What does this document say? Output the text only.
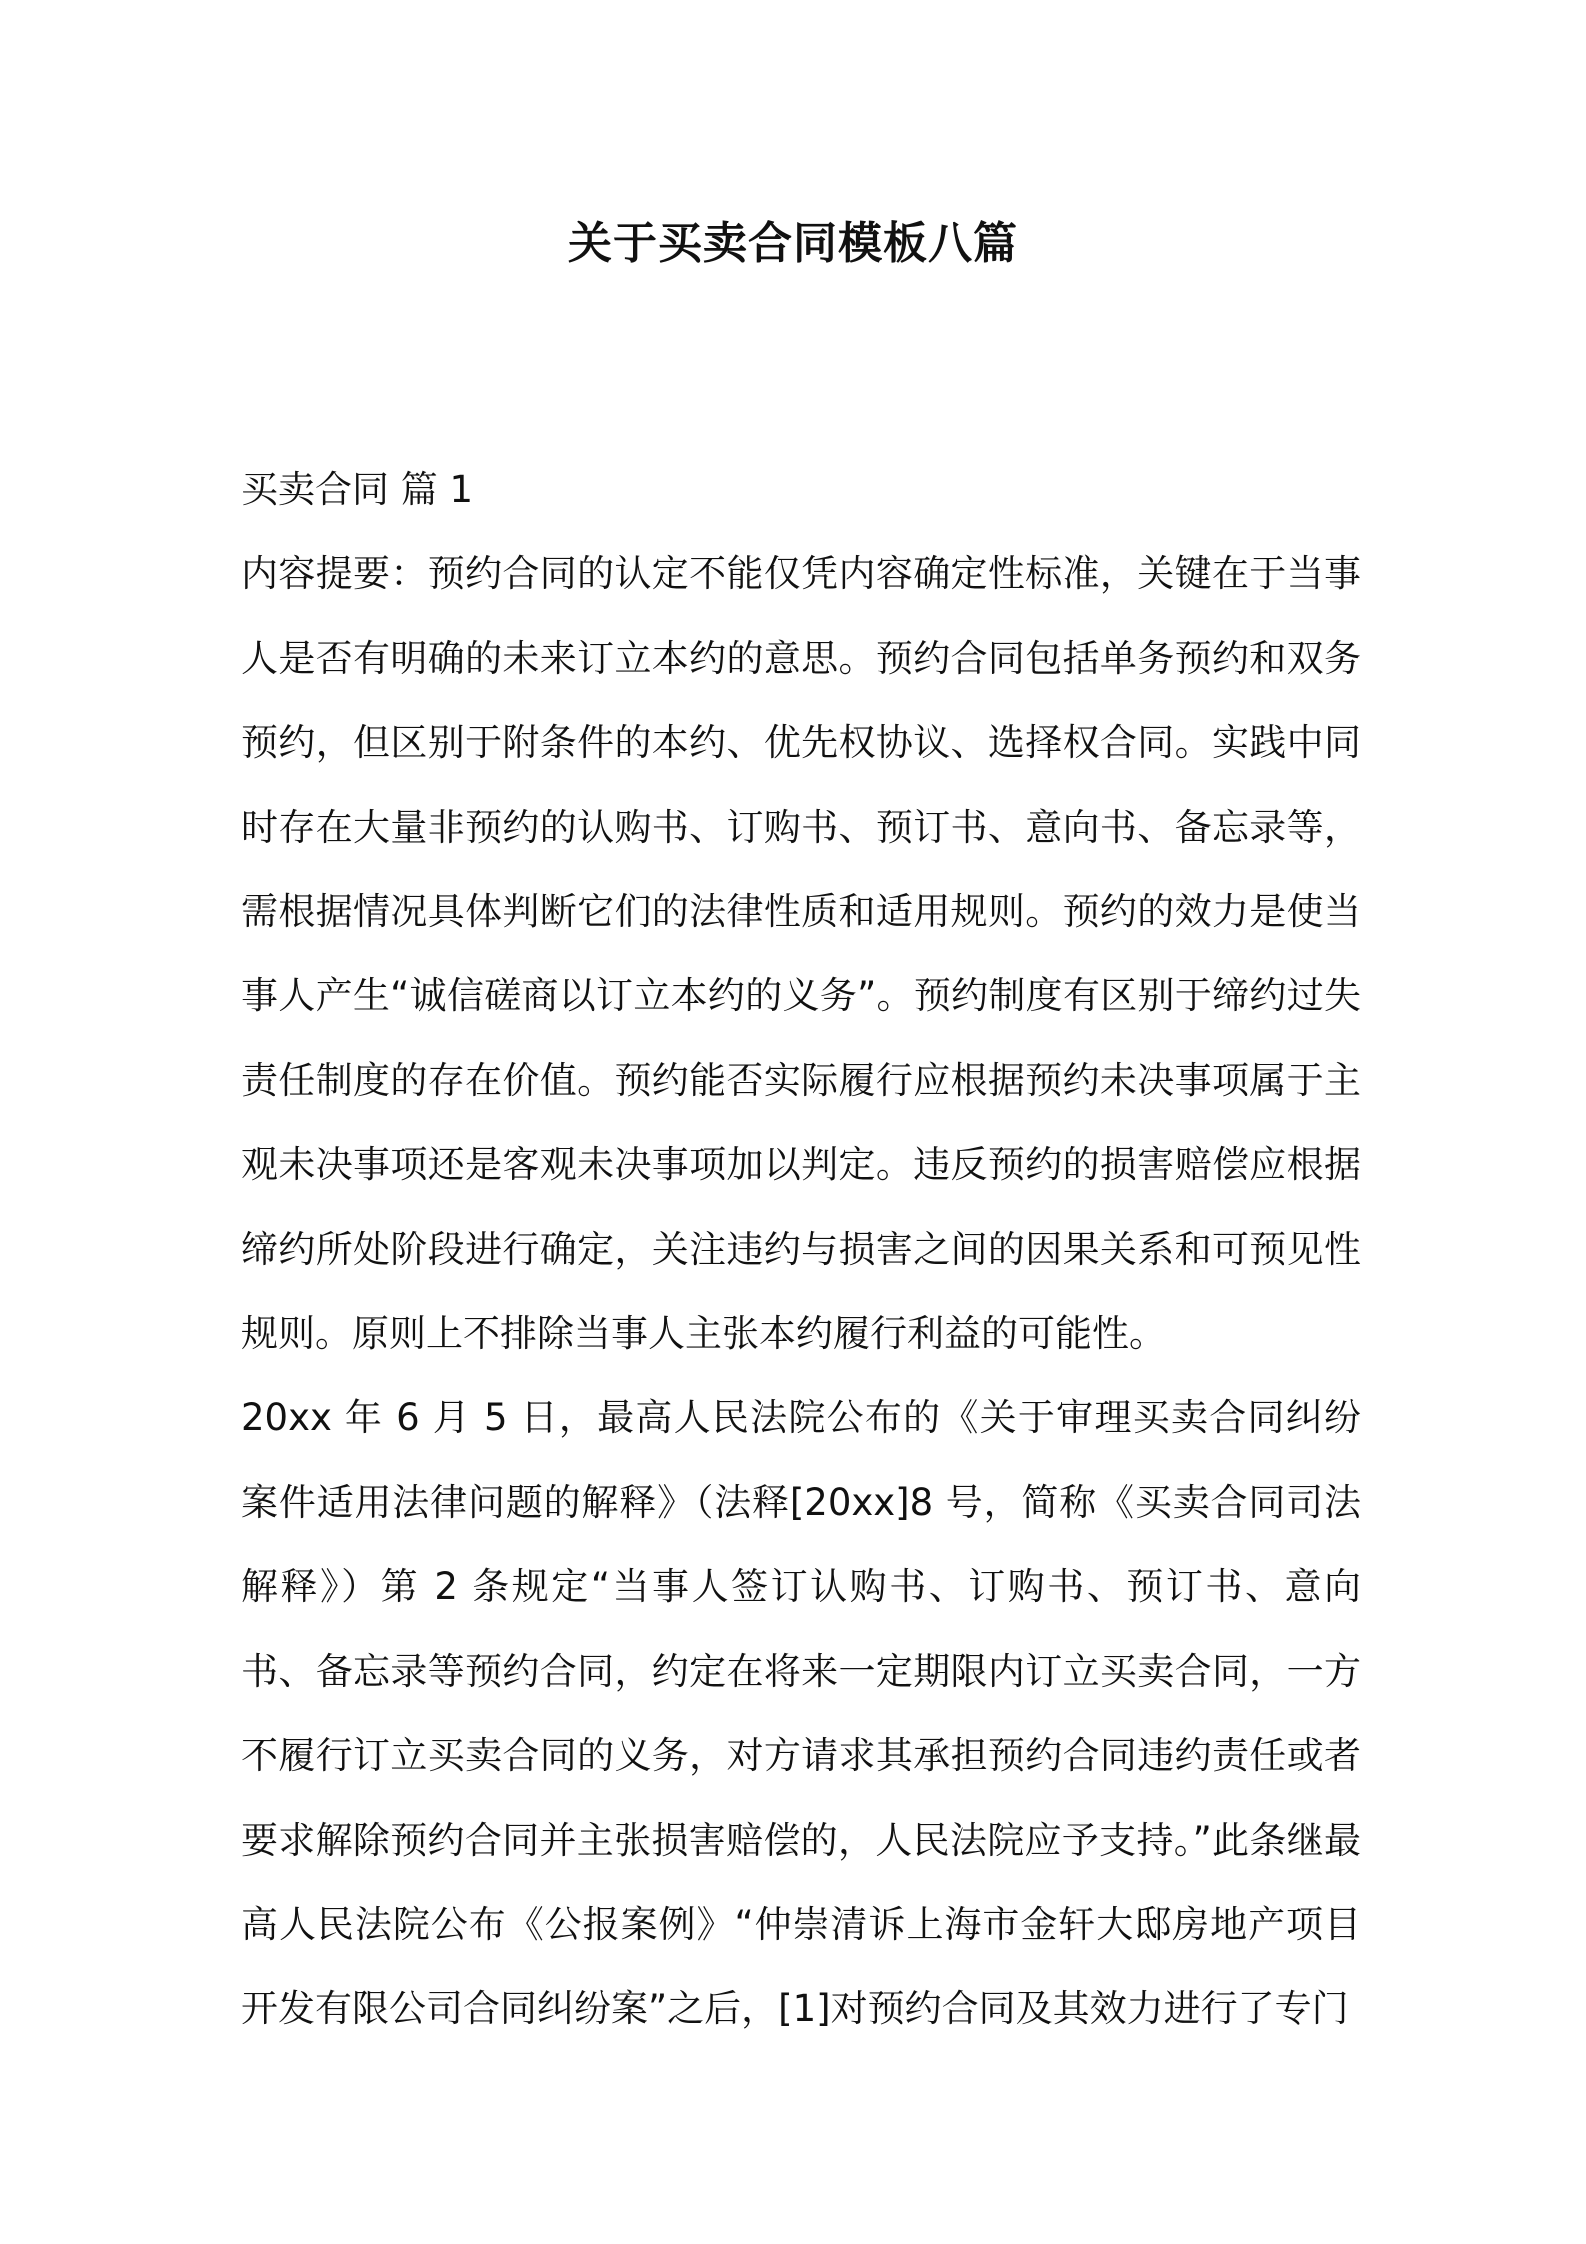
关于买卖合同模板八篇
买卖合同 篇 1

内容提要：预约合同的认定不能仅凭内容确定性标准，关键在于当事人是否有明确的未来订立本约的意思。预约合同包括单务预约和双务预约，但区别于附条件的本约、优先权协议、选择权合同。实践中同时存在大量非预约的认购书、订购书、预订书、意向书、备忘录等，需根据情况具体判断它们的法律性质和适用规则。预约的效力是使当事人产生“诚信磋商以订立本约的义务”。预约制度有区别于缔约过失责任制度的存在价值。预约能否实际履行应根据预约未决事项属于主观未决事项还是客观未决事项加以判定。违反预约的损害赔偿应根据缔约所处阶段进行确定，关注违约与损害之间的因果关系和可预见性规则。原则上不排除当事人主张本约履行利益的可能性。

20xx 年 6 月 5 日，最高人民法院公布的《关于审理买卖合同纠纷案件适用法律问题的解释》（法释[20xx]8 号，简称《买卖合同司法解释》）第 2 条规定“当事人签订认购书、订购书、预订书、意向书、备忘录等预约合同，约定在将来一定期限内订立买卖合同，一方不履行订立买卖合同的义务，对方请求其承担预约合同违约责任或者要求解除预约合同并主张损害赔偿的，人民法院应予支持。”此条继最高人民法院公布《公报案例》“仲崇清诉上海市金轩大邸房地产项目开发有限公司合同纠纷案”之后，[1]对预约合同及其效力进行了专门
